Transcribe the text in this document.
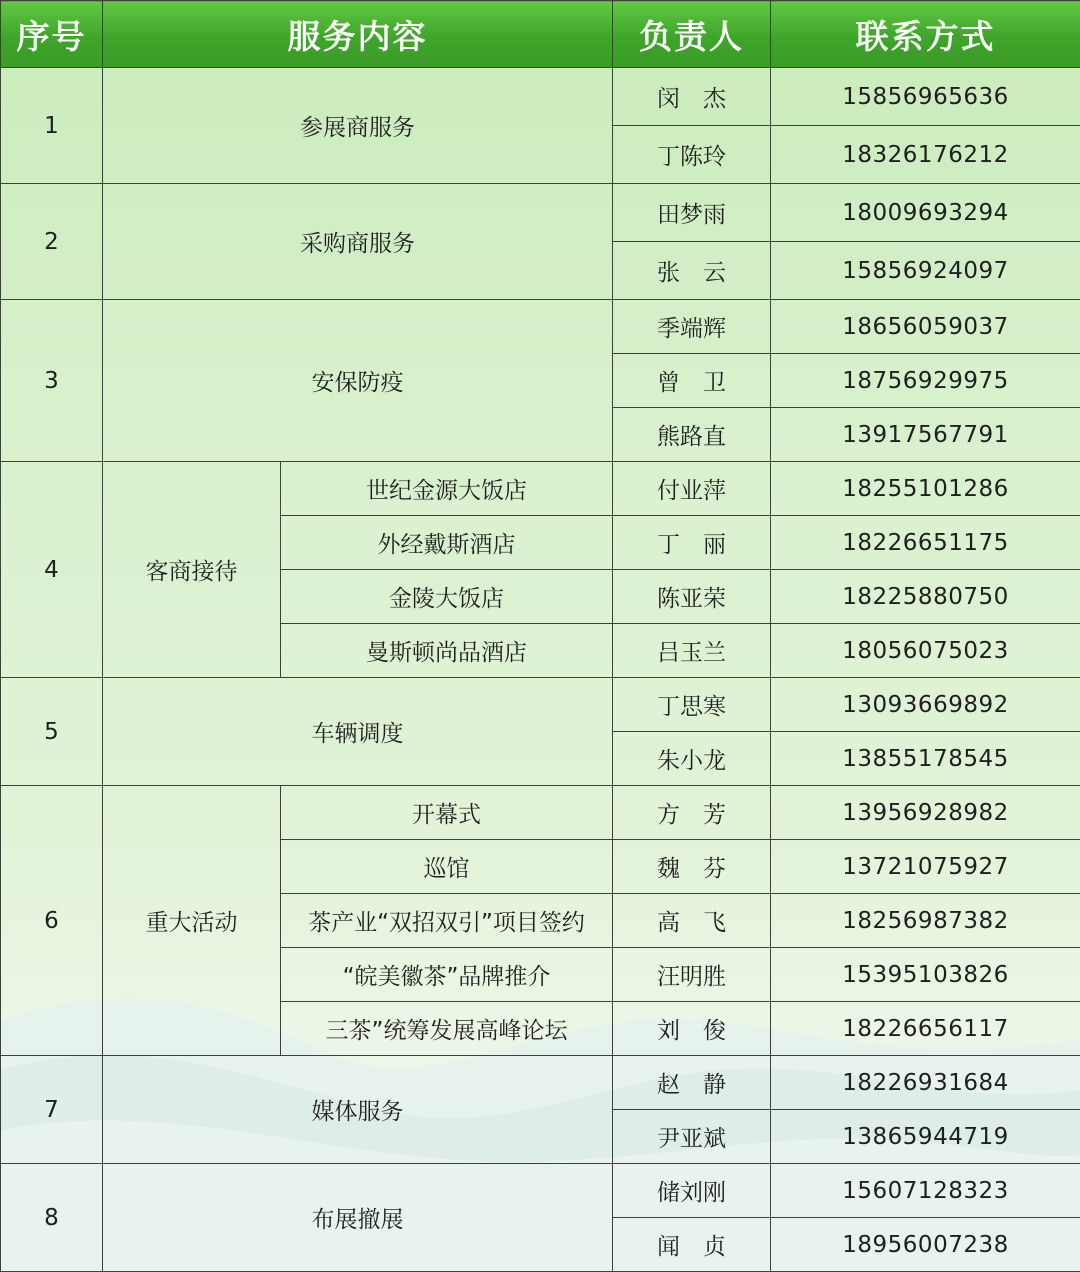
序号	服务内容		负责人	联系方式
1	参展商服务		闵　杰	15856965636
			丁陈玲	18326176212
2	采购商服务		田梦雨	18009693294
			张　云	15856924097
3	安保防疫		季端辉	18656059037
			曾　卫	18756929975
			熊路直	13917567791
4	客商接待	世纪金源大饭店	付业萍	18255101286
		外经戴斯酒店	丁　丽	18226651175
		金陵大饭店	陈亚荣	18225880750
		曼斯顿尚品酒店	吕玉兰	18056075023
5	车辆调度		丁思寒	13093669892
			朱小龙	13855178545
6	重大活动	开幕式	方　芳	13956928982
		巡馆	魏　芬	13721075927
		茶产业“双招双引”项目签约	高　飞	18256987382
		“皖美徽茶”品牌推介	汪明胜	15395103826
		三茶”统筹发展高峰论坛	刘　俊	18226656117
7	媒体服务		赵　静	18226931684
			尹亚斌	13865944719
8	布展撤展		储刘刚	15607128323
			闻　贞	18956007238
